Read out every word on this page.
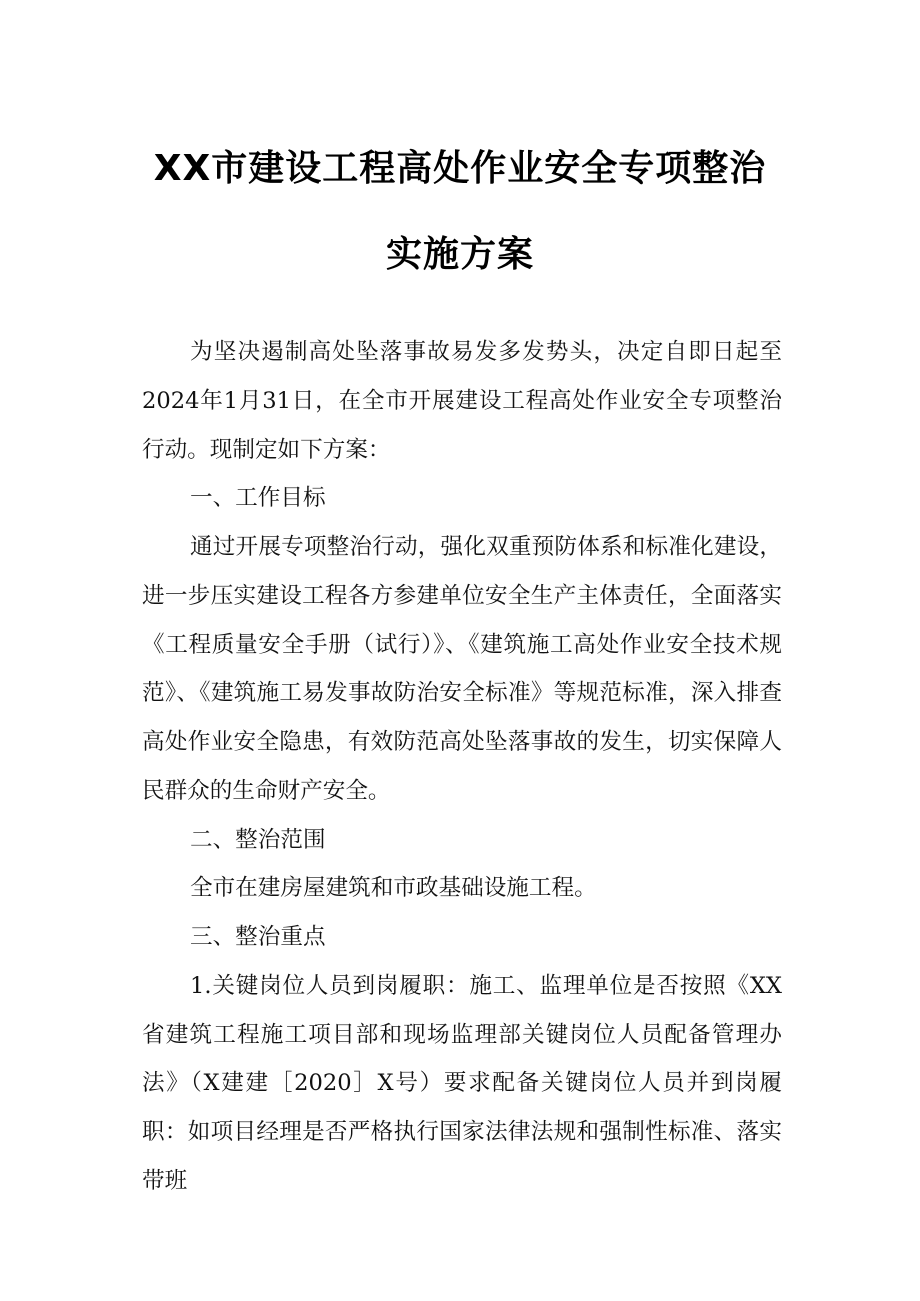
XX市建设工程高处作业安全专项整治
实施方案

为坚决遏制高处坠落事故易发多发势头，决定自即日起至2024年1月31日，在全市开展建设工程高处作业安全专项整治行动。现制定如下方案：

一、工作目标

通过开展专项整治行动，强化双重预防体系和标准化建设，进一步压实建设工程各方参建单位安全生产主体责任，全面落实《工程质量安全手册（试行）》、《建筑施工高处作业安全技术规范》、《建筑施工易发事故防治安全标准》等规范标准，深入排查高处作业安全隐患，有效防范高处坠落事故的发生，切实保障人民群众的生命财产安全。

二、整治范围

全市在建房屋建筑和市政基础设施工程。

三、整治重点

1.关键岗位人员到岗履职：施工、监理单位是否按照《XX省建筑工程施工项目部和现场监理部关键岗位人员配备管理办法》（X建建［2020］X号）要求配备关键岗位人员并到岗履职：如项目经理是否严格执行国家法律法规和强制性标准、落实带班
